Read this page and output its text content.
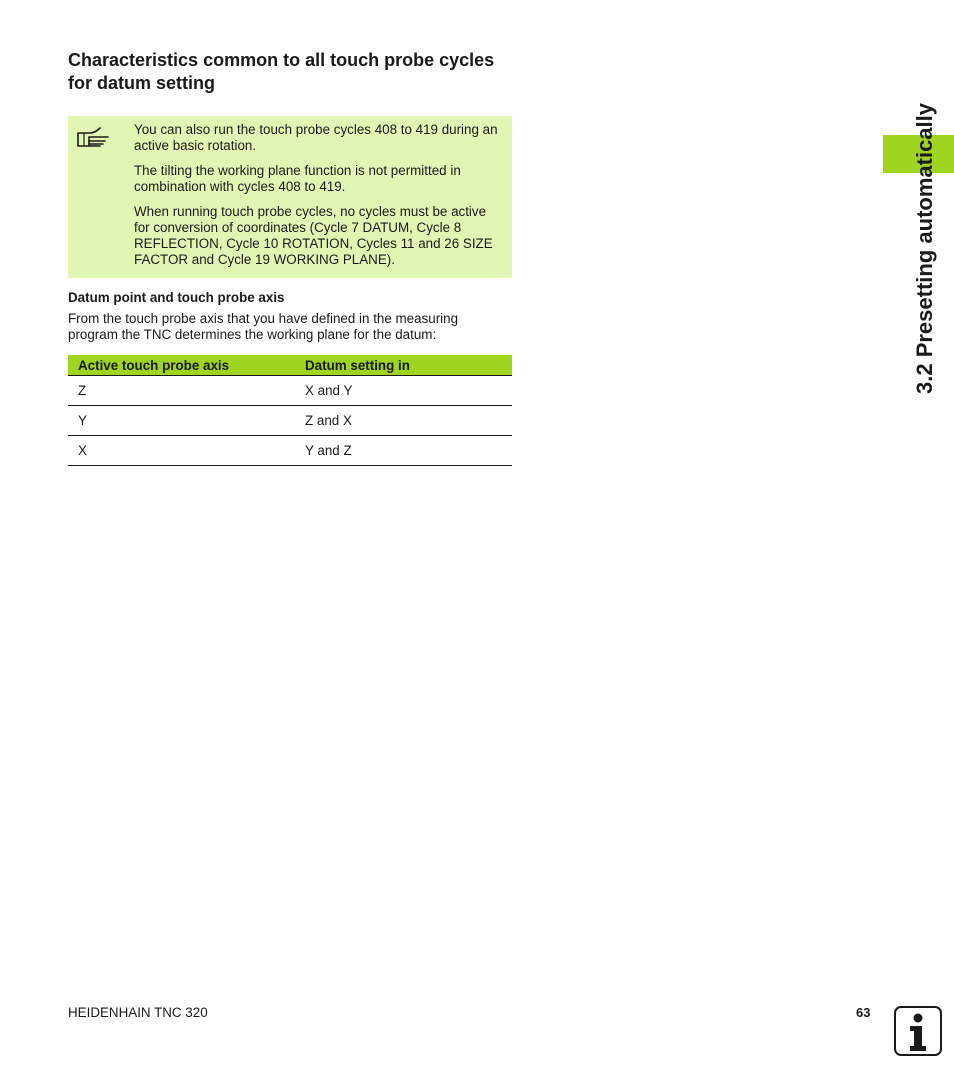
Characteristics common to all touch probe cycles for datum setting

You can also run the touch probe cycles 408 to 419 during an active basic rotation.

The tilting the working plane function is not permitted in combination with cycles 408 to 419.

When running touch probe cycles, no cycles must be active for conversion of coordinates (Cycle 7 DATUM, Cycle 8 REFLECTION, Cycle 10 ROTATION, Cycles 11 and 26 SIZE FACTOR and Cycle 19 WORKING PLANE).

Datum point and touch probe axis

From the touch probe axis that you have defined in the measuring program the TNC determines the working plane for the datum:

Active touch probe axis	Datum setting in
Z	X and Y
Y	Z and X
X	Y and Z
3.2 Presetting automatically
HEIDENHAIN TNC 320	63
